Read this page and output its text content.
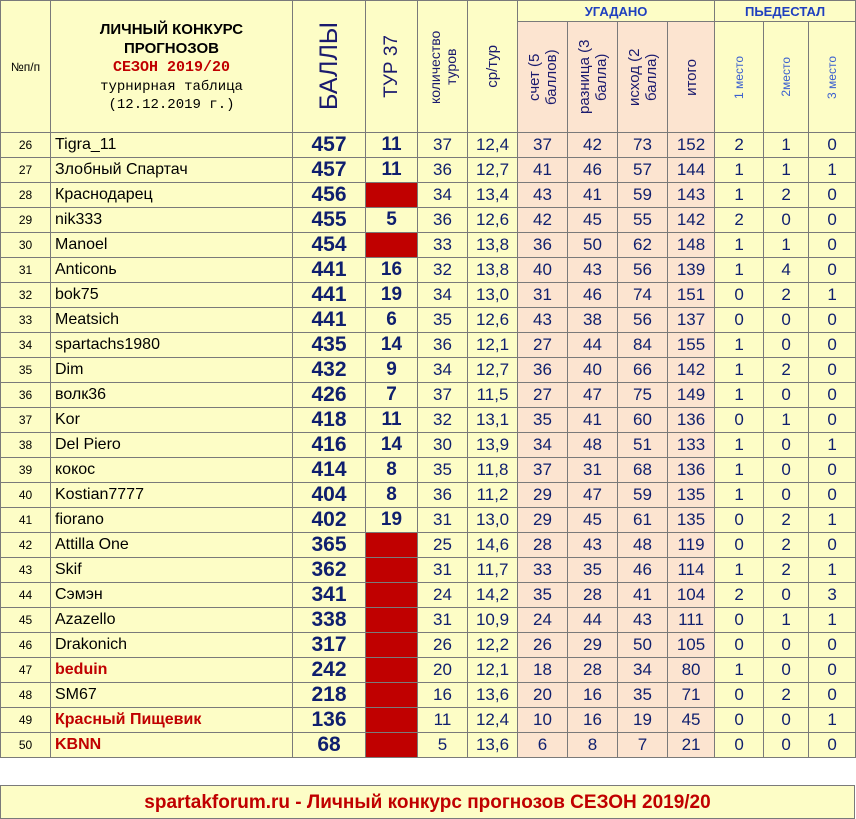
№п/п	ЛИЧНЫЙ КОНКУРС
ПРОГНОЗОВ
СЕЗОН 2019/20
турнирная таблица
(12.12.2019 г.)	БАЛЛЫ	ТУР 37	количество туров	ср/тур	УГАДАНО				ПЬЕДЕСТАЛ		

						счет (5 баллов)	разница (3 балла)	исход (2 балла)	итого	1 место	2место	3 место

26	Tigra_11	457	11	37	12,4	37	42	73	152	2	1	0
27	Злобный Спартач	457	11	36	12,7	41	46	57	144	1	1	1
28	Краснодарец	456		34	13,4	43	41	59	143	1	2	0
29	nik333	455	5	36	12,6	42	45	55	142	2	0	0
30	Manoel	454		33	13,8	36	50	62	148	1	1	0
31	Anticonь	441	16	32	13,8	40	43	56	139	1	4	0
32	bok75	441	19	34	13,0	31	46	74	151	0	2	1
33	Meatsich	441	6	35	12,6	43	38	56	137	0	0	0
34	spartachs1980	435	14	36	12,1	27	44	84	155	1	0	0
35	Dim	432	9	34	12,7	36	40	66	142	1	2	0
36	волк36	426	7	37	11,5	27	47	75	149	1	0	0
37	Kor	418	11	32	13,1	35	41	60	136	0	1	0
38	Del Piero	416	14	30	13,9	34	48	51	133	1	0	1
39	кокос	414	8	35	11,8	37	31	68	136	1	0	0
40	Kostian7777	404	8	36	11,2	29	47	59	135	1	0	0
41	fiorano	402	19	31	13,0	29	45	61	135	0	2	1
42	Attilla One	365		25	14,6	28	43	48	119	0	2	0
43	Skif	362		31	11,7	33	35	46	114	1	2	1
44	Сэмэн	341		24	14,2	35	28	41	104	2	0	3
45	Azazello	338		31	10,9	24	44	43	111	0	1	1
46	Drakonich	317		26	12,2	26	29	50	105	0	0	0
47	beduin	242		20	12,1	18	28	34	80	1	0	0
48	SM67	218		16	13,6	20	16	35	71	0	2	0
49	Красный Пищевик	136		11	12,4	10	16	19	45	0	0	1
50	KBNN	68		5	13,6	6	8	7	21	0	0	0
spartakforum.ru - Личный конкурс прогнозов СЕЗОН 2019/20
